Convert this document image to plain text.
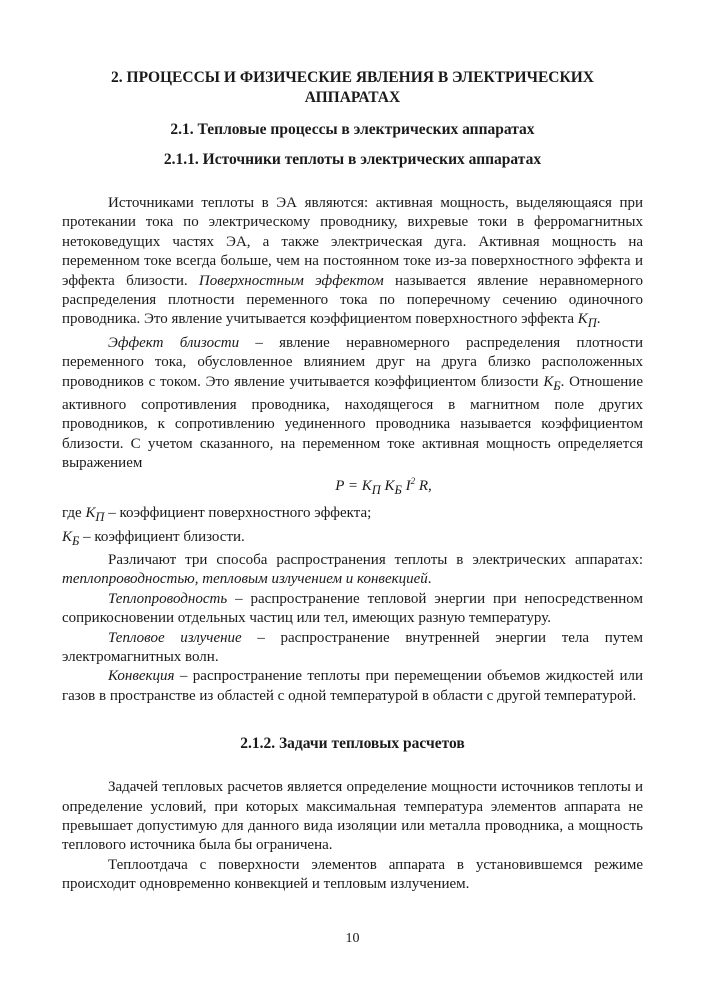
2. ПРОЦЕССЫ И ФИЗИЧЕСКИЕ ЯВЛЕНИЯ В ЭЛЕКТРИЧЕСКИХ АППАРАТАХ
2.1. Тепловые процессы в электрических аппаратах
2.1.1. Источники теплоты в электрических аппаратах

Источниками теплоты в ЭА являются: активная мощность, выделяющаяся при протекании тока по электрическому проводнику, вихревые токи в ферромагнитных нетоковедущих частях ЭА, а также электрическая дуга. Активная мощность на переменном токе всегда больше, чем на постоянном токе из-за поверхностного эффекта и эффекта близости. Поверхностным эффектом называется явление неравномерного распределения плотности переменного тока по поперечному сечению одиночного проводника. Это явление учитывается коэффициентом поверхностного эффекта $К_П$.

Эффект близости – явление неравномерного распределения плотности переменного тока, обусловленное влиянием друг на друга близко расположенных проводников с током. Это явление учитывается коэффициентом близости $К_Б$. Отношение активного сопротивления проводника, находящегося в магнитном поле других проводников, к сопротивлению уединенного проводника называется коэффициентом близости. С учетом сказанного, на переменном токе активная мощность определяется выражением

$P = K_П$ $K_Б$ $I^2$ R,

где $К_П$ – коэффициент поверхностного эффекта;

$К_Б$ – коэффициент близости.

Различают три способа распространения теплоты в электрических аппаратах: теплопроводностью, тепловым излучением и конвекцией.

Теплопроводность – распространение тепловой энергии при непосредственном соприкосновении отдельных частиц или тел, имеющих разную температуру.

Тепловое излучение – распространение внутренней энергии тела путем электромагнитных волн.

Конвекция – распространение теплоты при перемещении объемов жидкостей или газов в пространстве из областей с одной температурой в области с другой температурой.

2.1.2. Задачи тепловых расчетов

Задачей тепловых расчетов является определение мощности источников теплоты и определение условий, при которых максимальная температура элементов аппарата не превышает допустимую для данного вида изоляции или металла проводника, а мощность теплового источника была бы ограничена.

Теплоотдача с поверхности элементов аппарата в установившемся режиме происходит одновременно конвекцией и тепловым излучением.

10
